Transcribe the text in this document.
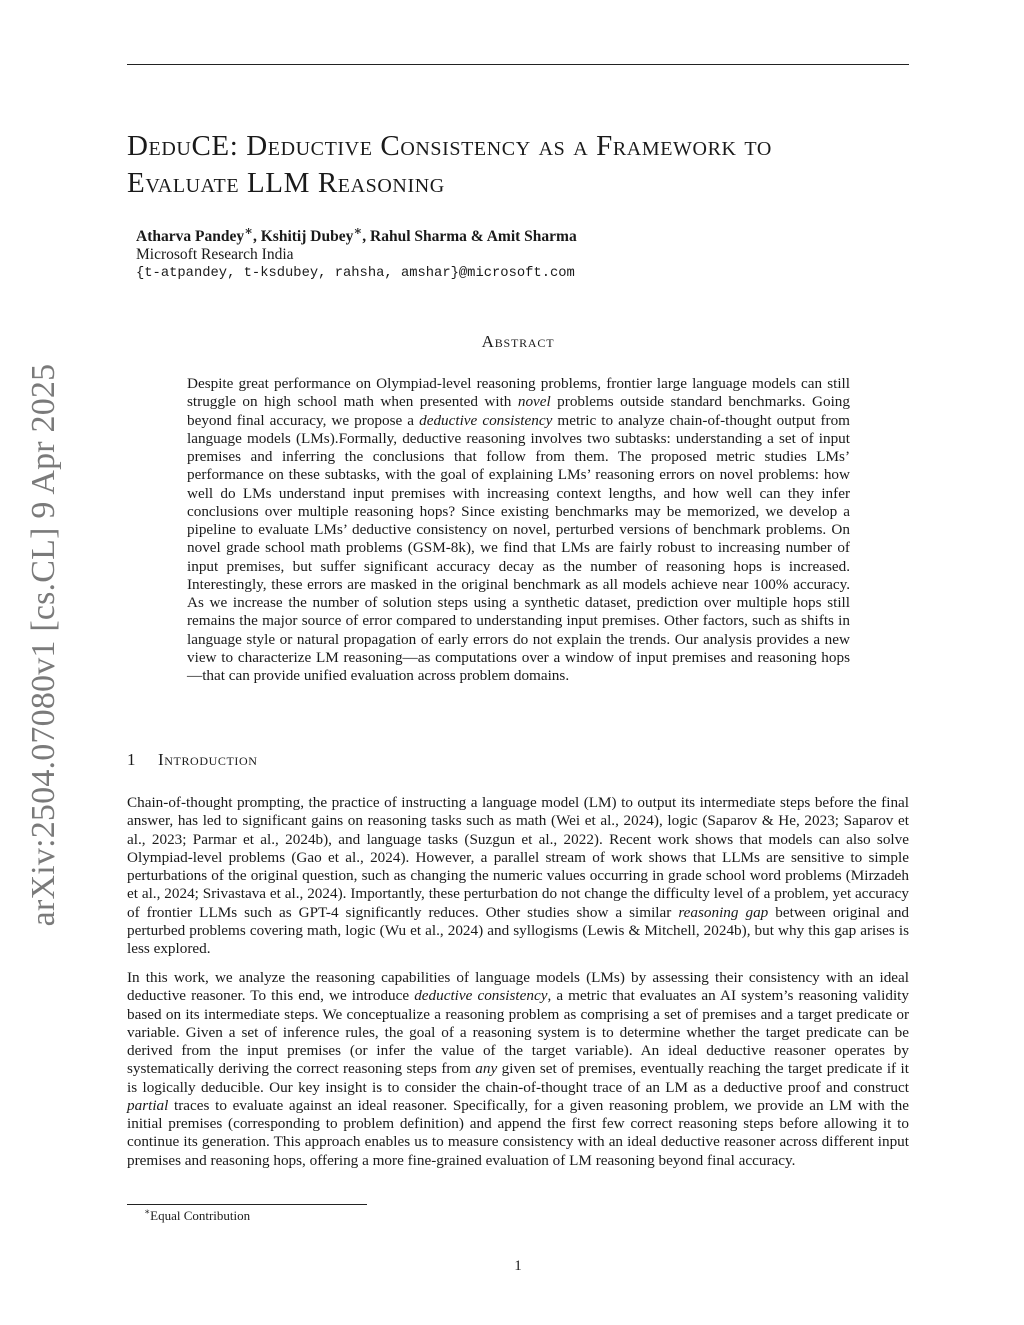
DeduCE: Deductive Consistency as a Framework to
Evaluate LLM Reasoning
Atharva Pandey∗, Kshitij Dubey∗, Rahul Sharma & Amit Sharma
Microsoft Research India
{t-atpandey, t-ksdubey, rahsha, amshar}@microsoft.com
Abstract

Despite great performance on Olympiad-level reasoning problems, frontier large language models can still struggle on high school math when presented with novel problems outside standard benchmarks. Going beyond final accuracy, we propose a deductive consistency metric to analyze chain-of-thought output from language models (LMs).Formally, deductive reasoning involves two subtasks: understanding a set of input premises and inferring the conclusions that follow from them. The proposed metric studies LMs’ performance on these subtasks, with the goal of explaining LMs’ reasoning errors on novel problems: how well do LMs understand input premises with increasing context lengths, and how well can they infer conclusions over multiple reasoning hops? Since existing benchmarks may be memorized, we develop a pipeline to evaluate LMs’ deductive consistency on novel, perturbed versions of benchmark problems. On novel grade school math problems (GSM-8k), we find that LMs are fairly robust to increasing number of input premises, but suffer significant accuracy decay as the number of reasoning hops is increased. Interestingly, these errors are masked in the original benchmark as all models achieve near 100% accuracy. As we increase the number of solution steps using a synthetic dataset, prediction over multiple hops still remains the major source of error compared to understanding input premises. Other factors, such as shifts in language style or natural propagation of early errors do not explain the trends. Our analysis provides a new view to characterize LM reasoning—as computations over a window of input premises and reasoning hops—that can provide unified evaluation across problem domains.

1 Introduction

Chain-of-thought prompting, the practice of instructing a language model (LM) to output its intermediate steps before the final answer, has led to significant gains on reasoning tasks such as math (Wei et al., 2024), logic (Saparov & He, 2023; Saparov et al., 2023; Parmar et al., 2024b), and language tasks (Suzgun et al., 2022). Recent work shows that models can also solve Olympiad-level problems (Gao et al., 2024). However, a parallel stream of work shows that LLMs are sensitive to simple perturbations of the original question, such as changing the numeric values occurring in grade school word problems (Mirzadeh et al., 2024; Srivastava et al., 2024). Importantly, these perturbation do not change the difficulty level of a problem, yet accuracy of frontier LLMs such as GPT-4 significantly reduces. Other studies show a similar reasoning gap between original and perturbed problems covering math, logic (Wu et al., 2024) and syllogisms (Lewis & Mitchell, 2024b), but why this gap arises is less explored.

In this work, we analyze the reasoning capabilities of language models (LMs) by assessing their consistency with an ideal deductive reasoner. To this end, we introduce deductive consistency, a metric that evaluates an AI system’s reasoning validity based on its intermediate steps. We conceptualize a reasoning problem as comprising a set of premises and a target predicate or variable. Given a set of inference rules, the goal of a reasoning system is to determine whether the target predicate can be derived from the input premises (or infer the value of the target variable). An ideal deductive reasoner operates by systematically deriving the correct reasoning steps from any given set of premises, eventually reaching the target predicate if it is logically deducible. Our key insight is to consider the chain-of-thought trace of an LM as a deductive proof and construct partial traces to evaluate against an ideal reasoner. Specifically, for a given reasoning problem, we provide an LM with the initial premises (corresponding to problem definition) and append the first few correct reasoning steps before allowing it to continue its generation. This approach enables us to measure consistency with an ideal deductive reasoner across different input premises and reasoning hops, offering a more fine-grained evaluation of LM reasoning beyond final accuracy.

∗Equal Contribution
1
arXiv:2504.07080v1 [cs.CL] 9 Apr 2025
